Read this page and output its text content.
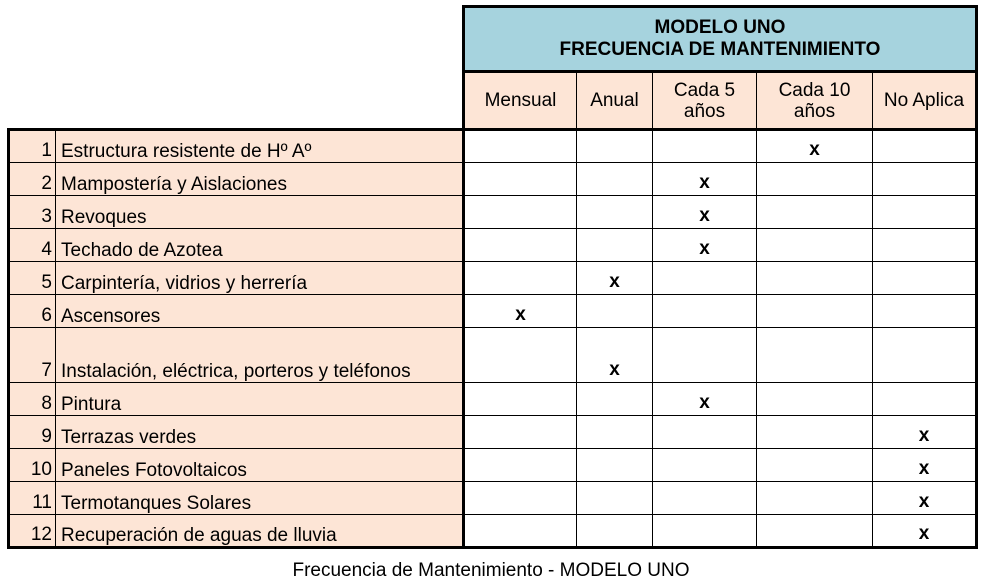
		MODELO UNO
FRECUENCIA DE MANTENIMIENTO				

		Mensual	Anual	Cada 5 años	Cada 10 años	No Aplica
1	Estructura resistente de Hº Aº				x	
2	Mampostería y Aislaciones			x		
3	Revoques			x		
4	Techado de Azotea			x		
5	Carpintería, vidrios y herrería		x			
6	Ascensores	x				
7	Instalación, eléctrica, porteros y teléfonos		x			
8	Pintura			x		
9	Terrazas verdes					x
10	Paneles Fotovoltaicos					x
11	Termotanques Solares					x
12	Recuperación de aguas de lluvia					x
Frecuencia de Mantenimiento - MODELO UNO
